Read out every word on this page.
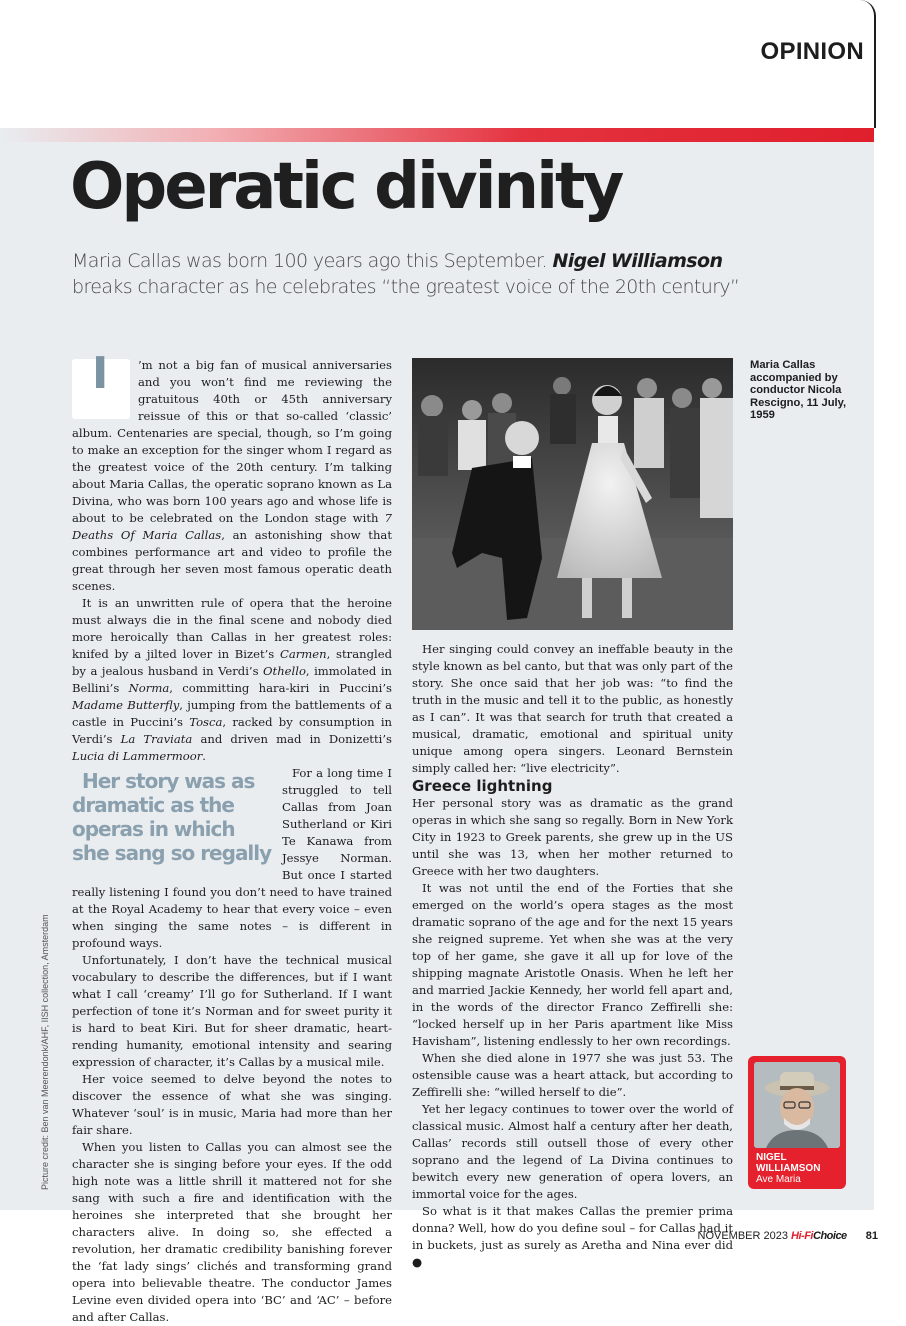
OPINION
Operatic divinity
Maria Callas was born 100 years ago this September. Nigel Williamson breaks character as he celebrates “the greatest voice of the 20th century”
I	’m not a big fan of musical anniversaries and you won’t find me reviewing the gratuitous 40th or 45th anniversary reissue of this or that so-called ‘classic’ album. Centenaries are special, though, so I’m going to make an exception for the singer whom I regard as the greatest voice of the 20th century. I’m talking about Maria Callas, the operatic soprano known as La Divina, who was born 100 years ago and whose life is about to be celebrated on the London stage with 7 Deaths Of Maria Callas, an astonishing show that combines performance art and video to profile the great through her seven most famous operatic death scenes.

It is an unwritten rule of opera that the heroine must always die in the final scene and nobody died more heroically than Callas in her greatest roles: knifed by a jilted lover in Bizet’s Carmen, strangled by a jealous husband in Verdi’s Othello, immolated in Bellini’s Norma, committing hara-kiri in Puccini’s Madame Butterfly, jumping from the battlements of a castle in Puccini’s Tosca, racked by consumption in Verdi’s La Traviata and driven mad in Donizetti’s Lucia di Lammermoor.

Her story was as dramatic as the operas in which she sang so regally
For a long time I struggled to tell Callas from Joan Sutherland or Kiri Te Kanawa from Jessye Norman. But once I started really listening I found you don’t need to have trained at the Royal Academy to hear that every voice – even when singing the same notes – is different in profound ways.

Unfortunately, I don’t have the technical musical vocabulary to describe the differences, but if I want what I call ‘creamy’ I’ll go for Sutherland. If I want perfection of tone it’s Norman and for sweet purity it is hard to beat Kiri. But for sheer dramatic, heart-rending humanity, emotional intensity and searing expression of character, it’s Callas by a musical mile.

Her voice seemed to delve beyond the notes to discover the essence of what she was singing. Whatever ‘soul’ is in music, Maria had more than her fair share.

When you listen to Callas you can almost see the character she is singing before your eyes. If the odd high note was a little shrill it mattered not for she sang with such a fire and identification with the heroines she interpreted that she brought her characters alive. In doing so, she effected a revolution, her dramatic credibility banishing forever the ‘fat lady sings’ clichés and transforming grand opera into believable theatre. The conductor James Levine even divided opera into ‘BC’ and ‘AC’ – before and after Callas.

Maria Callas accompanied by conductor Nicola Rescigno, 11 July, 1959

Her singing could convey an ineffable beauty in the style known as bel canto, but that was only part of the story. She once said that her job was: “to find the truth in the music and tell it to the public, as honestly as I can”. It was that search for truth that created a musical, dramatic, emotional and spiritual unity unique among opera singers. Leonard Bernstein simply called her: “live electricity”.

Greece lightning

Her personal story was as dramatic as the grand operas in which she sang so regally. Born in New York City in 1923 to Greek parents, she grew up in the US until she was 13, when her mother returned to Greece with her two daughters.

It was not until the end of the Forties that she emerged on the world’s opera stages as the most dramatic soprano of the age and for the next 15 years she reigned supreme. Yet when she was at the very top of her game, she gave it all up for love of the shipping magnate Aristotle Onasis. When he left her and married Jackie Kennedy, her world fell apart and, in the words of the director Franco Zeffirelli she: “locked herself up in her Paris apartment like Miss Havisham”, listening endlessly to her own recordings.

When she died alone in 1977 she was just 53. The ostensible cause was a heart attack, but according to Zeffirelli she: “willed herself to die”.

Yet her legacy continues to tower over the world of classical music. Almost half a century after her death, Callas’ records still outsell those of every other soprano and the legend of La Divina continues to bewitch every new generation of opera lovers, an immortal voice for the ages.

So what is it that makes Callas the premier prima donna? Well, how do you define soul – for Callas had it in buckets, just as surely as Aretha and Nina ever did ●

Picture credit: Ben van Meerendonk/AHF, IISH collection, Amsterdam	NIGEL WILLIAMSON
Ave Maria
NOVEMBER 2023 Hi-FiChoice 81
